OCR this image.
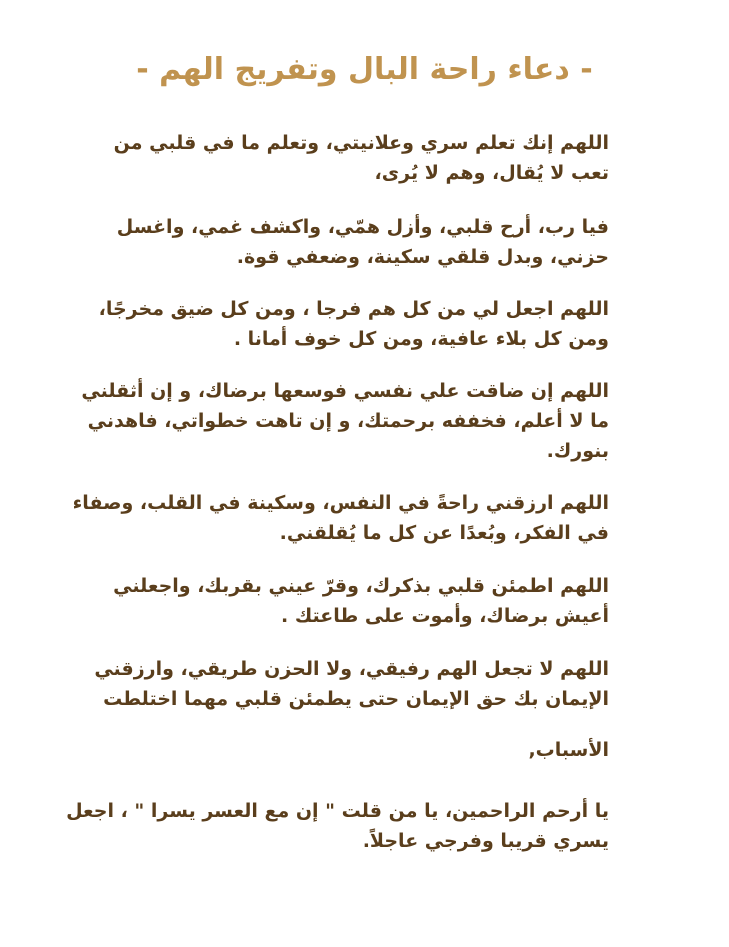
- دعاء راحة البال وتفريج الهم -

اللهم إنك تعلم سري وعلانيتي، وتعلم ما في قلبي من
تعب لا يُقال، وهم لا يُرى،

فيا رب، أرح قلبي، وأزل همّي، واكشف غمي، واغسل
حزني، وبدل قلقي سكينة، وضعفي قوة.

اللهم اجعل لي من كل هم فرجا ، ومن كل ضيق مخرجًا،
ومن كل بلاء عافية، ومن كل خوف أمانا .

اللهم إن ضاقت علي نفسي فوسعها برضاك، و إن أثقلني
ما لا أعلم، فخففه برحمتك، و إن تاهت خطواتي، فاهدني
بنورك.

اللهم ارزقني راحةً في النفس، وسكينة في القلب، وصفاء
في الفكر، وبُعدًا عن كل ما يُقلقني.

اللهم اطمئن قلبي بذكرك، وقرّ عيني بقربك، واجعلني
أعيش برضاك، وأموت على طاعتك .

اللهم لا تجعل الهم رفيقي، ولا الحزن طريقي، وارزقني
الإيمان بك حق الإيمان حتى يطمئن قلبي مهما اختلطت

الأسباب,

يا أرحم الراحمين، يا من قلت " إن مع العسر يسرا " ، اجعل
يسري قريبا وفرجي عاجلاً.
